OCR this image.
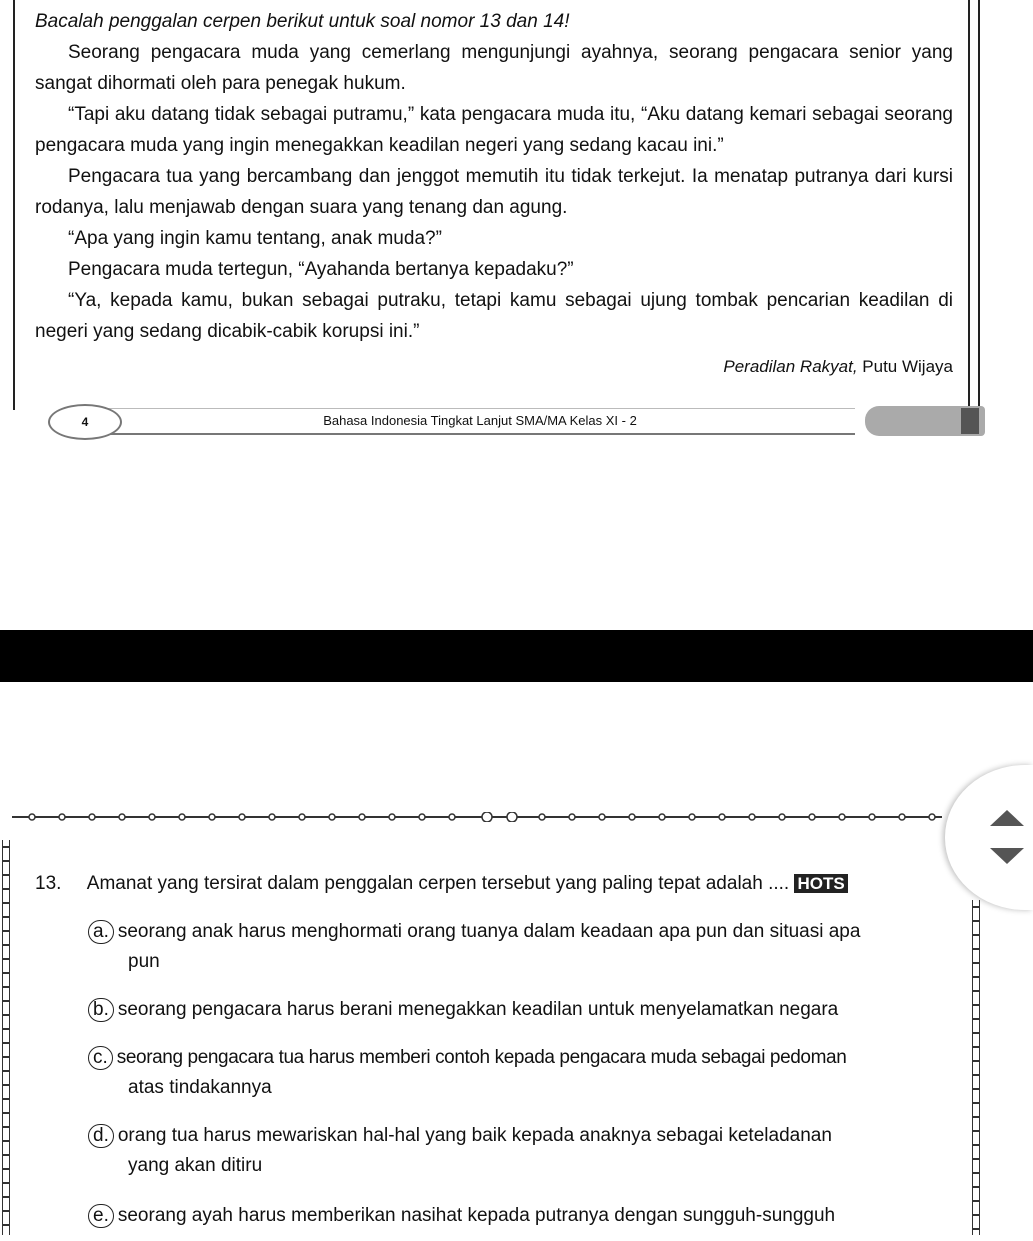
Bacalah penggalan cerpen berikut untuk soal nomor 13 dan 14!

Seorang pengacara muda yang cemerlang mengunjungi ayahnya, seorang pengacara senior yang sangat dihormati oleh para penegak hukum.

“Tapi aku datang tidak sebagai putramu,” kata pengacara muda itu, “Aku datang kemari sebagai seorang pengacara muda yang ingin menegakkan keadilan negeri yang sedang kacau ini.”

Pengacara tua yang bercambang dan jenggot memutih itu tidak terkejut. Ia menatap putranya dari kursi rodanya, lalu menjawab dengan suara yang tenang dan agung.

“Apa yang ingin kamu tentang, anak muda?”

Pengacara muda tertegun, “Ayahanda bertanya kepadaku?”

“Ya, kepada kamu, bukan sebagai putraku, tetapi kamu sebagai ujung tombak pencarian keadilan di negeri yang sedang dicabik-cabik korupsi ini.”

Peradilan Rakyat, Putu Wijaya

Bahasa Indonesia Tingkat Lanjut SMA/MA Kelas XI - 2
4
13. Amanat yang tersirat dalam penggalan cerpen tersebut yang paling tepat adalah .... HOTS
a. seorang anak harus menghormati orang tuanya dalam keadaan apa pun dan situasi apa
pun
b. seorang pengacara harus berani menegakkan keadilan untuk menyelamatkan negara
c. seorang pengacara tua harus memberi contoh kepada pengacara muda sebagai pedoman
atas tindakannya
d. orang tua harus mewariskan hal-hal yang baik kepada anaknya sebagai keteladanan
yang akan ditiru
e. seorang ayah harus memberikan nasihat kepada putranya dengan sungguh-sungguh
